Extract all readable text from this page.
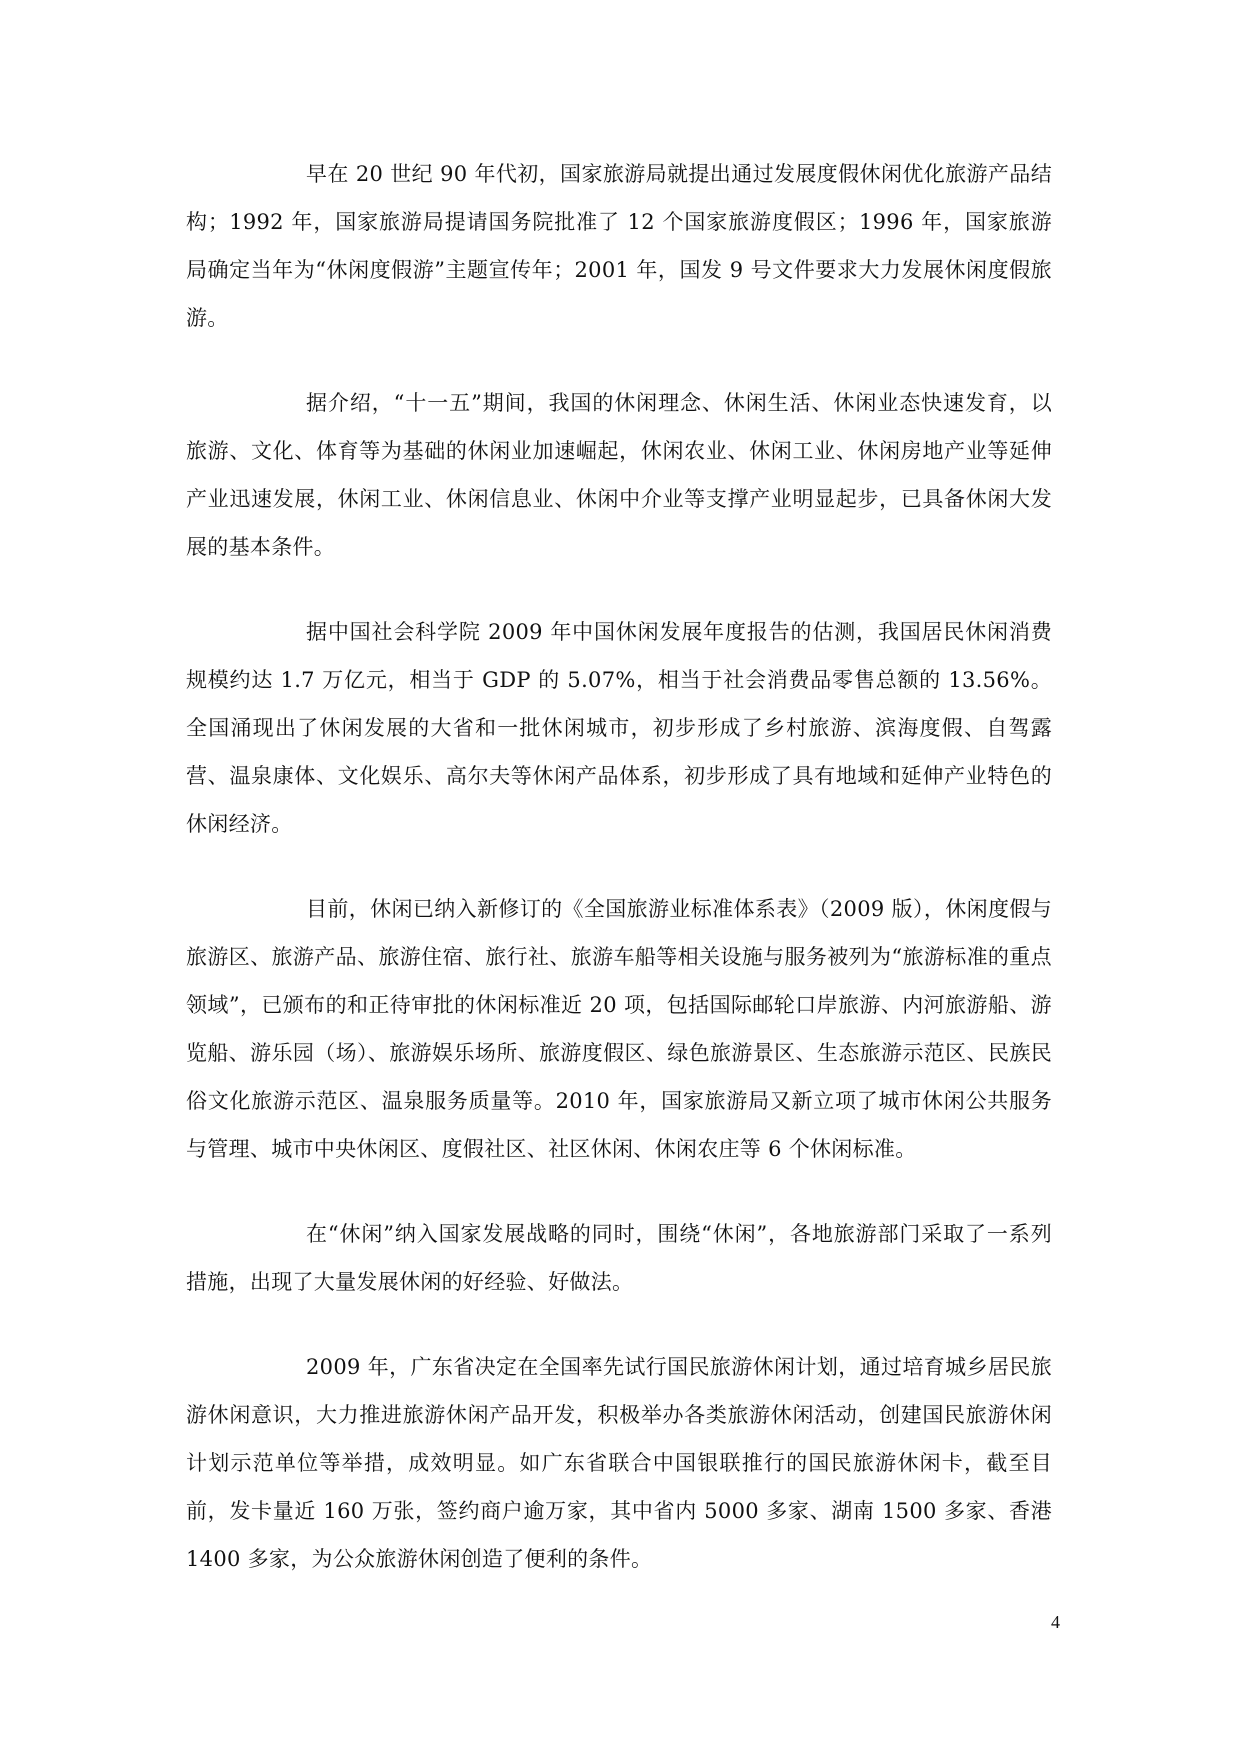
早在 20 世纪 90 年代初，国家旅游局就提出通过发展度假休闲优化旅游产品结构；1992 年，国家旅游局提请国务院批准了 12 个国家旅游度假区；1996 年，国家旅游局确定当年为“休闲度假游”主题宣传年；2001 年，国发 9 号文件要求大力发展休闲度假旅游。

据介绍，“十一五”期间，我国的休闲理念、休闲生活、休闲业态快速发育，以旅游、文化、体育等为基础的休闲业加速崛起，休闲农业、休闲工业、休闲房地产业等延伸产业迅速发展，休闲工业、休闲信息业、休闲中介业等支撑产业明显起步，已具备休闲大发展的基本条件。

据中国社会科学院 2009 年中国休闲发展年度报告的估测，我国居民休闲消费规模约达 1.7 万亿元，相当于 GDP 的 5.07%，相当于社会消费品零售总额的 13.56%。全国涌现出了休闲发展的大省和一批休闲城市，初步形成了乡村旅游、滨海度假、自驾露营、温泉康体、文化娱乐、高尔夫等休闲产品体系，初步形成了具有地域和延伸产业特色的休闲经济。

目前，休闲已纳入新修订的《全国旅游业标准体系表》（2009 版），休闲度假与旅游区、旅游产品、旅游住宿、旅行社、旅游车船等相关设施与服务被列为“旅游标准的重点领域”，已颁布的和正待审批的休闲标准近 20 项，包括国际邮轮口岸旅游、内河旅游船、游览船、游乐园（场）、旅游娱乐场所、旅游度假区、绿色旅游景区、生态旅游示范区、民族民俗文化旅游示范区、温泉服务质量等。2010 年，国家旅游局又新立项了城市休闲公共服务与管理、城市中央休闲区、度假社区、社区休闲、休闲农庄等 6 个休闲标准。

在“休闲”纳入国家发展战略的同时，围绕“休闲”，各地旅游部门采取了一系列措施，出现了大量发展休闲的好经验、好做法。

2009 年，广东省决定在全国率先试行国民旅游休闲计划，通过培育城乡居民旅游休闲意识，大力推进旅游休闲产品开发，积极举办各类旅游休闲活动，创建国民旅游休闲计划示范单位等举措，成效明显。如广东省联合中国银联推行的国民旅游休闲卡，截至目前，发卡量近 160 万张，签约商户逾万家，其中省内 5000 多家、湖南 1500 多家、香港 1400 多家，为公众旅游休闲创造了便利的条件。

4
